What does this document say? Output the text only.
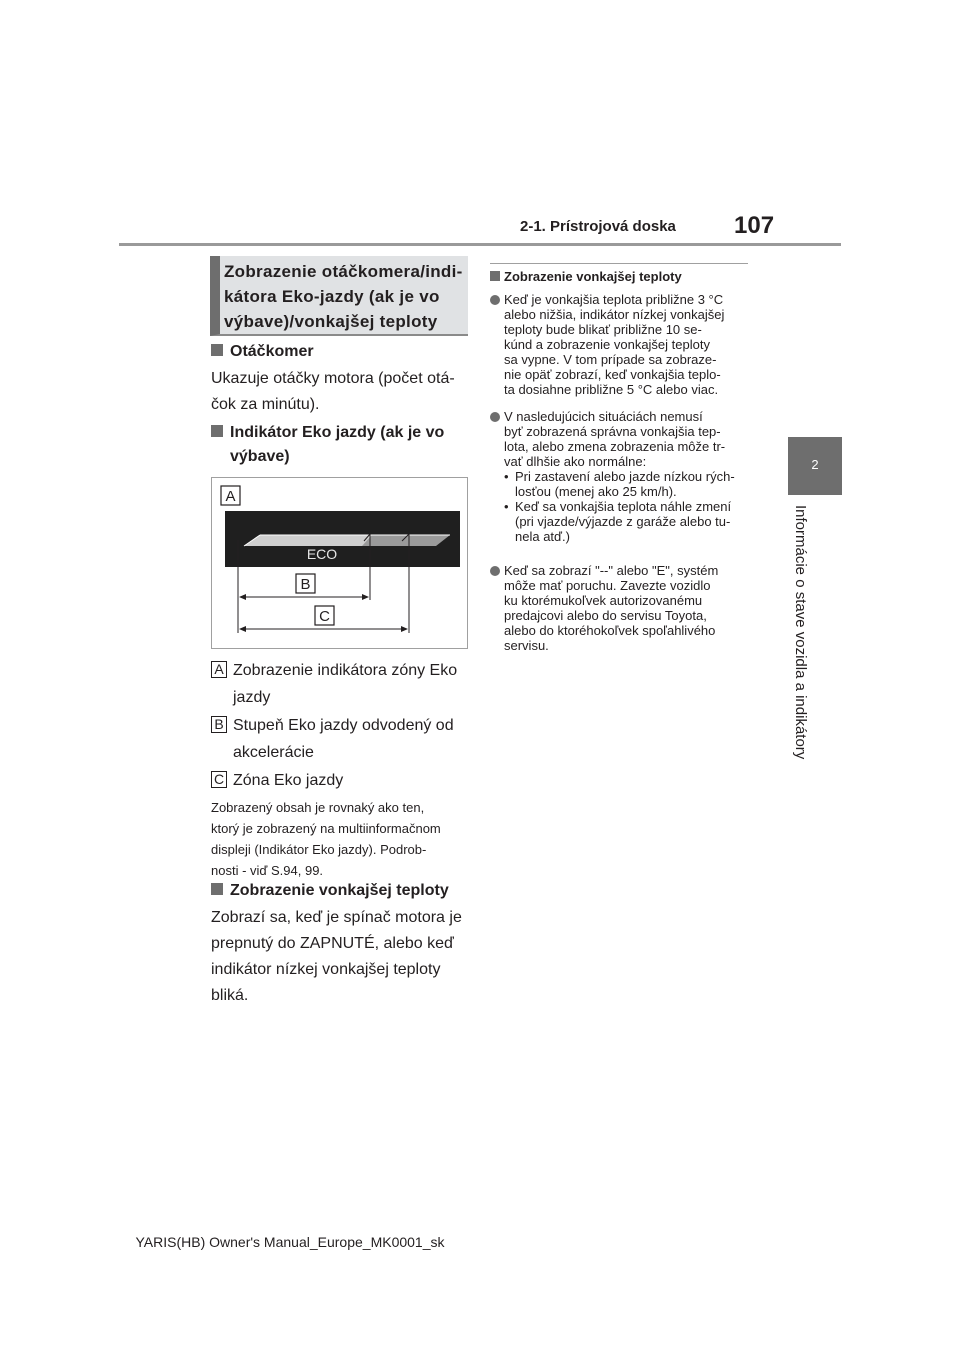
2-1. Prístrojová doska 107
2
Informácie o stave vozidla a indikátory
Zobrazenie otáčkomera/indi-
kátora Eko-jazdy (ak je vo
výbave)/vonkajšej teploty
Otáčkomer
Ukazuje otáčky motora (počet otá-
čok za minútu).
Indikátor Eko jazdy (ak je vo
výbave)
A
ECO
B
C
A Zobrazenie indikátora zóny Eko
jazdy
B Stupeň Eko jazdy odvodený od
akcelerácie
C Zóna Eko jazdy
Zobrazený obsah je rovnaký ako ten,
ktorý je zobrazený na multiinformačnom
displeji (Indikátor Eko jazdy). Podrob-
nosti - viď S.94, 99.
Zobrazenie vonkajšej teploty
Zobrazí sa, keď je spínač motora je
prepnutý do ZAPNUTÉ, alebo keď
indikátor nízkej vonkajšej teploty
bliká.
Zobrazenie vonkajšej teploty
Keď je vonkajšia teplota približne 3 °C
alebo nižšia, indikátor nízkej vonkajšej
teploty bude blikať približne 10 se-
kúnd a zobrazenie vonkajšej teploty
sa vypne. V tom prípade sa zobraze-
nie opäť zobrazí, keď vonkajšia teplo-
ta dosiahne približne 5 °C alebo viac.
V nasledujúcich situáciách nemusí
byť zobrazená správna vonkajšia tep-
lota, alebo zmena zobrazenia môže tr-
vať dlhšie ako normálne:
• Pri zastavení alebo jazde nízkou rých-
losťou (menej ako 25 km/h).
• Keď sa vonkajšia teplota náhle zmení
(pri vjazde/výjazde z garáže alebo tu-
nela atď.)
Keď sa zobrazí "--" alebo "E", systém
môže mať poruchu. Zavezte vozidlo
ku ktorémukoľvek autorizovanému
predajcovi alebo do servisu Toyota,
alebo do ktoréhokoľvek spoľahlivého
servisu.
YARIS(HB) Owner's Manual_Europe_MK0001_sk
